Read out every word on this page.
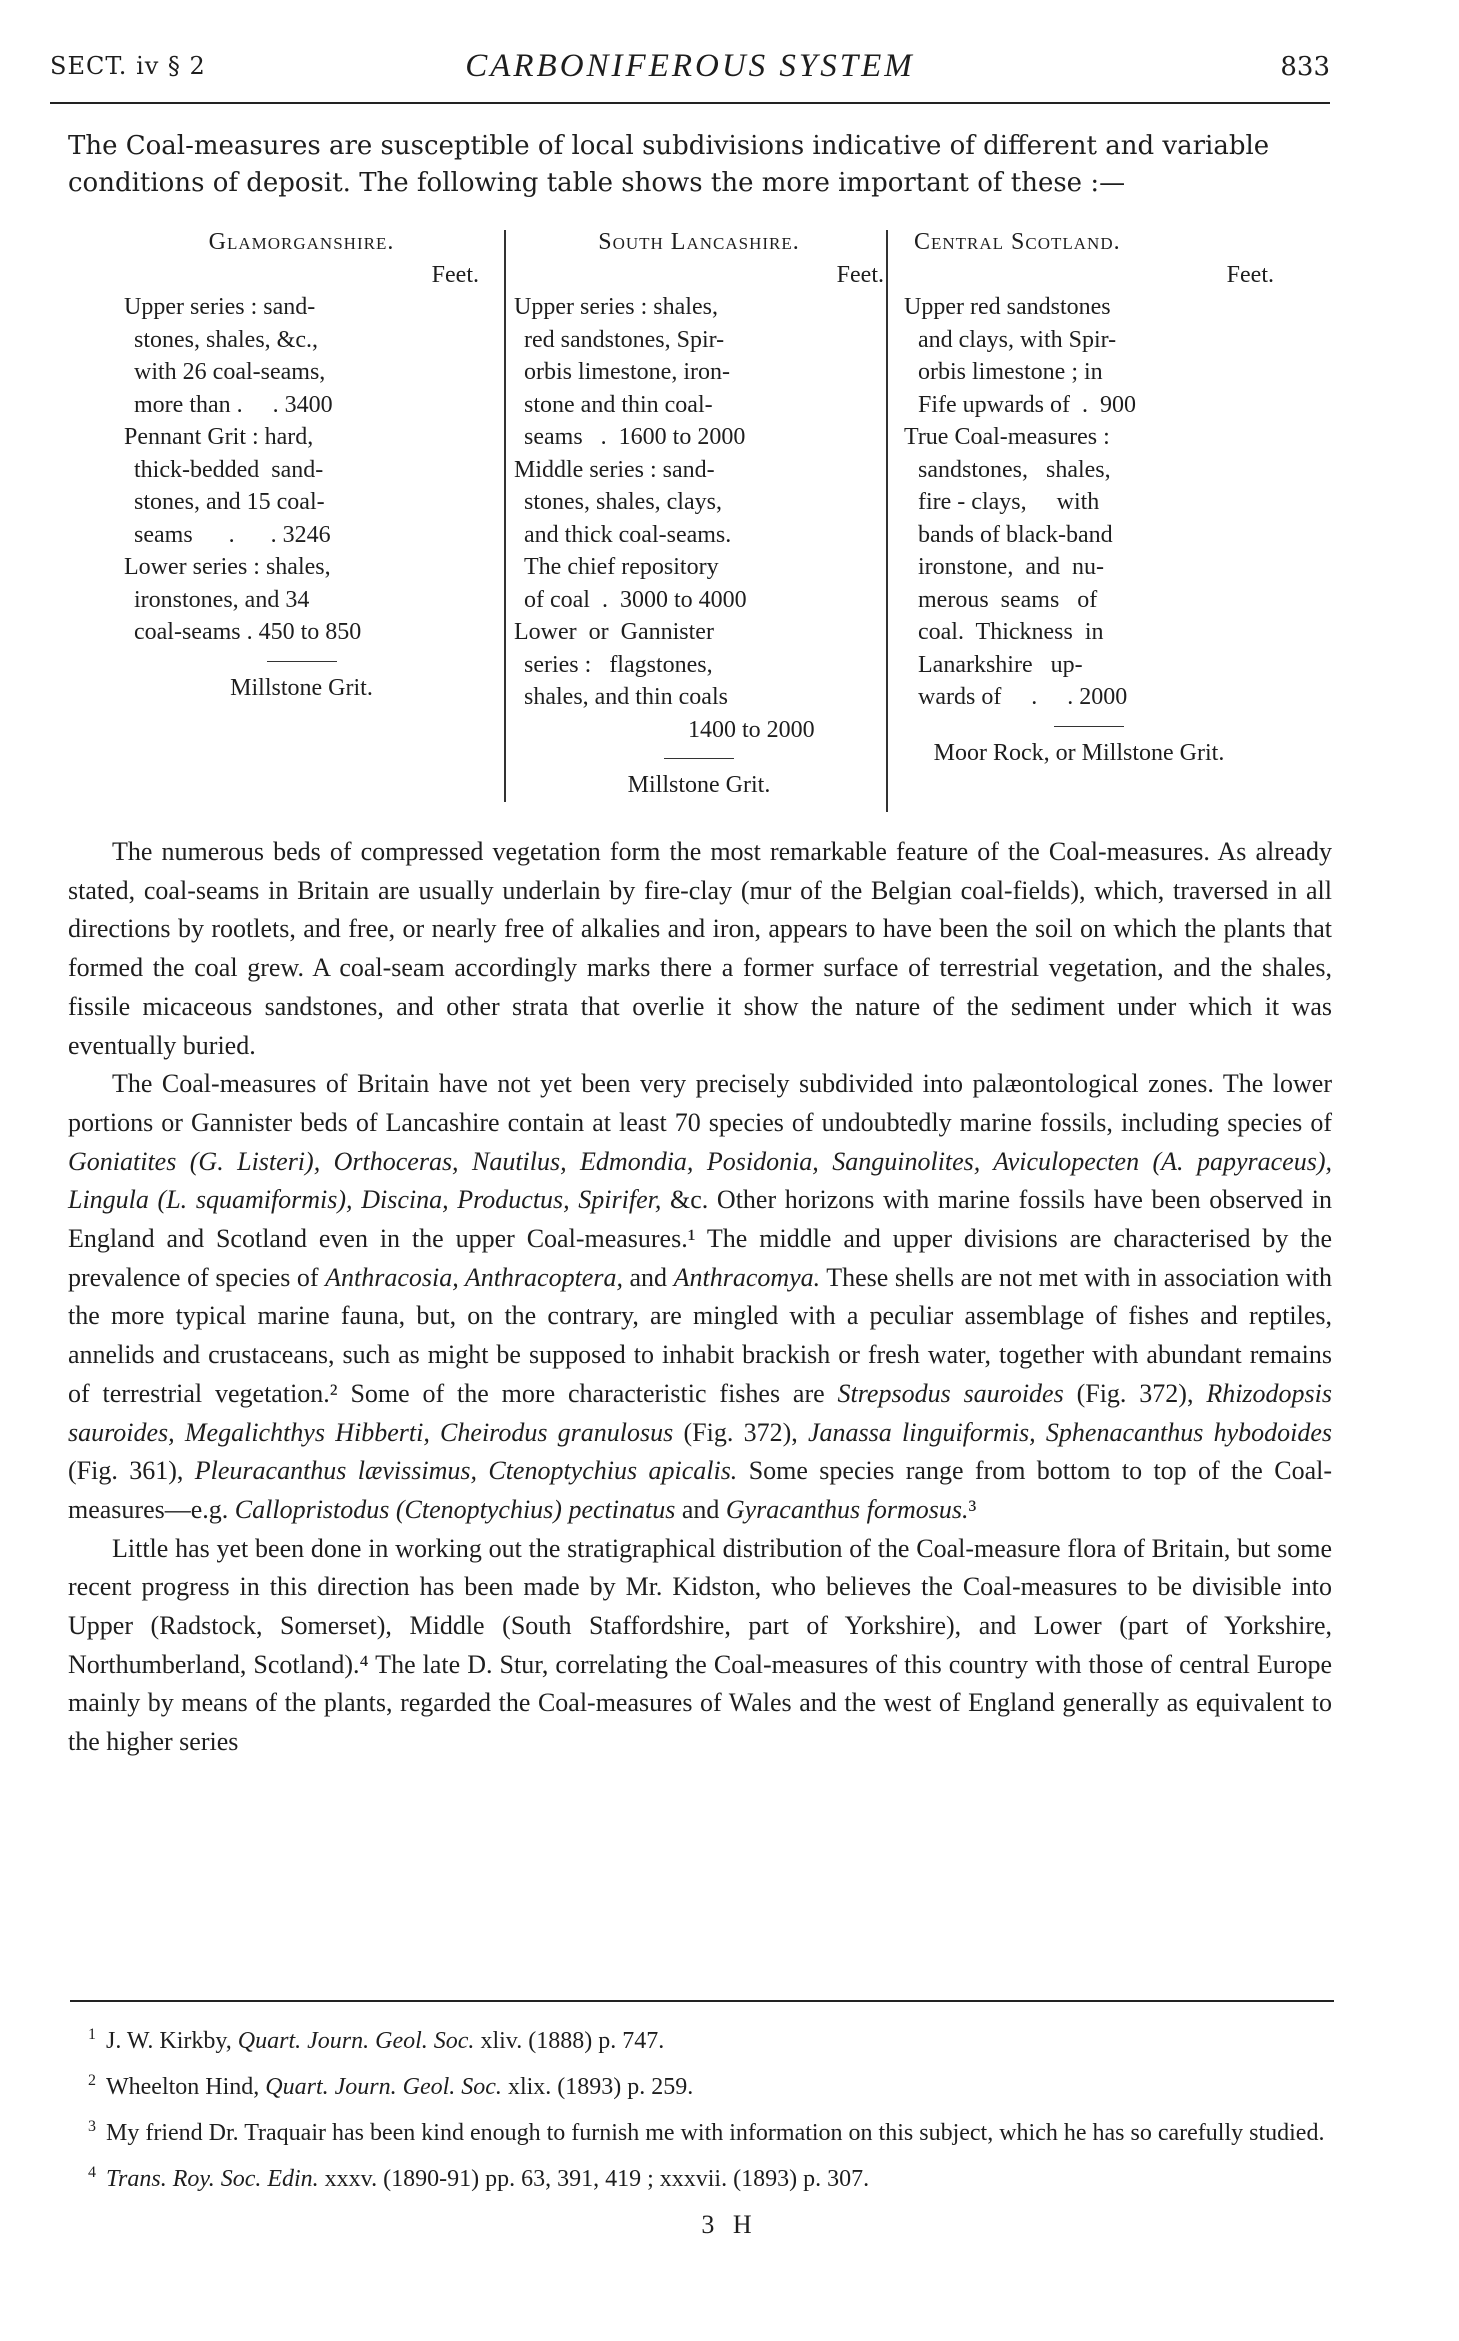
SECT. iv § 2	CARBONIFEROUS SYSTEM	833
The Coal-measures are susceptible of local subdivisions indicative of different and variable conditions of deposit. The following table shows the more important of these :—
Glamorganshire.
Feet.
Upper series : sand-
stones, shales, &c.,
with 26 coal-seams,
more than .     . 3400
Pennant Grit : hard,
thick-bedded  sand-
stones, and 15 coal-
seams      .      . 3246
Lower series : shales,
ironstones, and 34
coal-seams . 450 to 850
Millstone Grit.
South Lancashire.
Feet.
Upper series : shales,
red sandstones, Spir-
orbis limestone, iron-
stone and thin coal-
seams   .  1600 to 2000
Middle series : sand-
stones, shales, clays,
and thick coal-seams.
The chief repository
of coal  .  3000 to 4000
Lower  or  Gannister
series :   flagstones,
shales, and thin coals
1400 to 2000
Millstone Grit.
Central Scotland.
Feet.
Upper red sandstones
and clays, with Spir-
orbis limestone ; in
Fife upwards of  .  900
True Coal-measures :
sandstones,   shales,
fire - clays,     with
bands of black-band
ironstone,  and  nu-
merous  seams   of
coal.  Thickness  in
Lanarkshire   up-
wards of     .     . 2000
Moor Rock, or Millstone Grit.

The numerous beds of compressed vegetation form the most remarkable feature of the Coal-measures. As already stated, coal-seams in Britain are usually underlain by fire-clay (mur of the Belgian coal-fields), which, traversed in all directions by rootlets, and free, or nearly free of alkalies and iron, appears to have been the soil on which the plants that formed the coal grew. A coal-seam accordingly marks there a former surface of terrestrial vegetation, and the shales, fissile micaceous sandstones, and other strata that overlie it show the nature of the sediment under which it was eventually buried.

The Coal-measures of Britain have not yet been very precisely subdivided into palæontological zones. The lower portions or Gannister beds of Lancashire contain at least 70 species of undoubtedly marine fossils, including species of Goniatites (G. Listeri), Orthoceras, Nautilus, Edmondia, Posidonia, Sanguinolites, Aviculopecten (A. papyraceus), Lingula (L. squamiformis), Discina, Productus, Spirifer, &c. Other horizons with marine fossils have been observed in England and Scotland even in the upper Coal-measures.¹ The middle and upper divisions are characterised by the prevalence of species of Anthracosia, Anthracoptera, and Anthracomya. These shells are not met with in association with the more typical marine fauna, but, on the contrary, are mingled with a peculiar assemblage of fishes and reptiles, annelids and crustaceans, such as might be supposed to inhabit brackish or fresh water, together with abundant remains of terrestrial vegetation.² Some of the more characteristic fishes are Strepsodus sauroides (Fig. 372), Rhizodopsis sauroides, Megalichthys Hibberti, Cheirodus granulosus (Fig. 372), Janassa linguiformis, Sphenacanthus hybodoides (Fig. 361), Pleuracanthus lævissimus, Ctenoptychius apicalis. Some species range from bottom to top of the Coal-measures—e.g. Callopristodus (Ctenoptychius) pectinatus and Gyracanthus formosus.³

Little has yet been done in working out the stratigraphical distribution of the Coal-measure flora of Britain, but some recent progress in this direction has been made by Mr. Kidston, who believes the Coal-measures to be divisible into Upper (Radstock, Somerset), Middle (South Staffordshire, part of Yorkshire), and Lower (part of Yorkshire, Northumberland, Scotland).⁴ The late D. Stur, correlating the Coal-measures of this country with those of central Europe mainly by means of the plants, regarded the Coal-measures of Wales and the west of England generally as equivalent to the higher series

$^1$ J. W. Kirkby, Quart. Journ. Geol. Soc. xliv. (1888) p. 747.

$^2$ Wheelton Hind, Quart. Journ. Geol. Soc. xlix. (1893) p. 259.

$^3$ My friend Dr. Traquair has been kind enough to furnish me with information on this subject, which he has so carefully studied.

$^4$ Trans. Roy. Soc. Edin. xxxv. (1890-91) pp. 63, 391, 419 ; xxxvii. (1893) p. 307.

3 H
